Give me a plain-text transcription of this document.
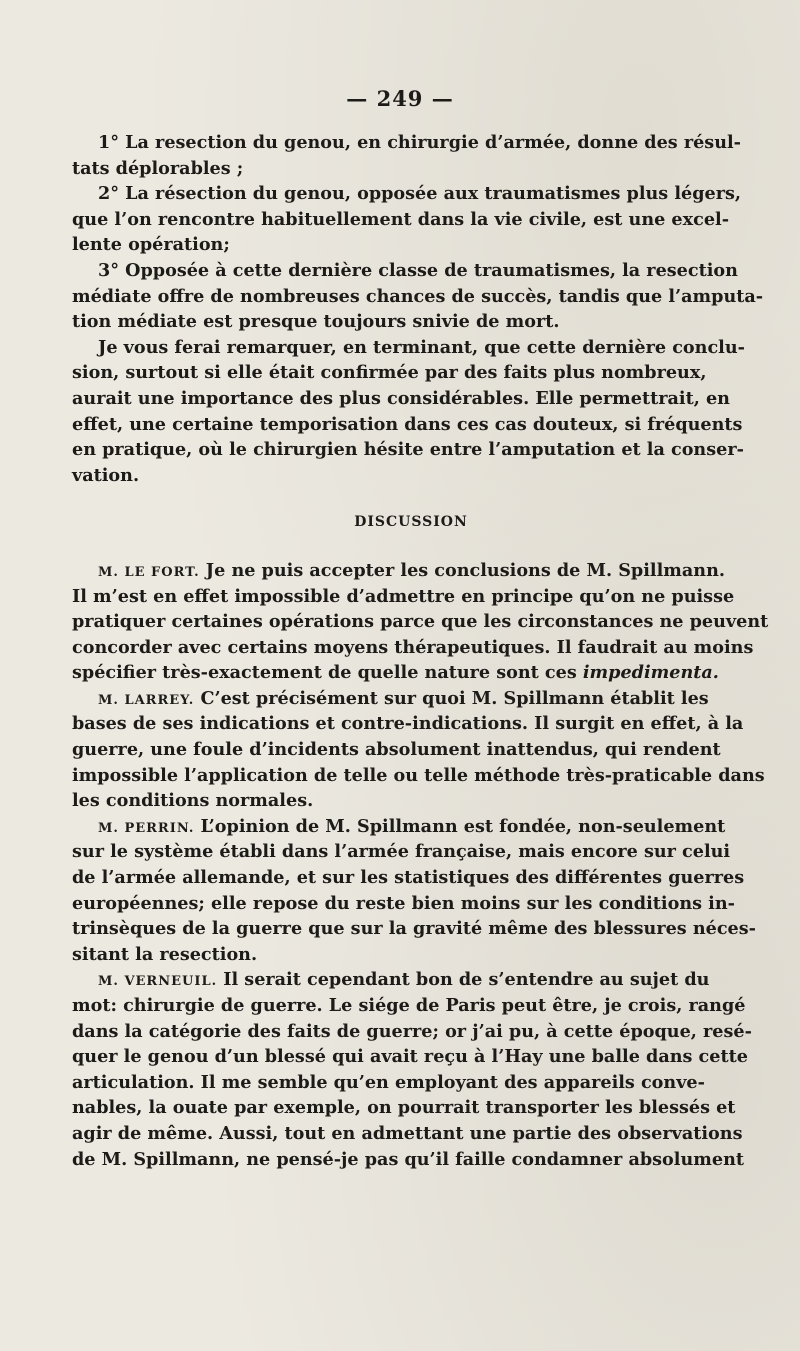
— 249 —
1° La resection du genou, en chirurgie d’armée, donne des résul-
tats déplorables ;
2° La résection du genou, opposée aux traumatismes plus légers,
que l’on rencontre habituellement dans la vie civile, est une excel-
lente opération;
3° Opposée à cette dernière classe de traumatismes, la resection
médiate offre de nombreuses chances de succès, tandis que l’amputa-
tion médiate est presque toujours snivie de mort.
Je vous ferai remarquer, en terminant, que cette dernière conclu-
sion, surtout si elle était confirmée par des faits plus nombreux,
aurait une importance des plus considérables. Elle permettrait, en
effet, une certaine temporisation dans ces cas douteux, si fréquents
en pratique, où le chirurgien hésite entre l’amputation et la conser-
vation.
DISCUSSION
M. LE FORT. Je ne puis accepter les conclusions de M. Spillmann.
Il m’est en effet impossible d’admettre en principe qu’on ne puisse
pratiquer certaines opérations parce que les circonstances ne peuvent
concorder avec certains moyens thérapeutiques. Il faudrait au moins
spécifier très-exactement de quelle nature sont ces impedimenta.
M. LARREY. C’est précisément sur quoi M. Spillmann établit les
bases de ses indications et contre-indications. Il surgit en effet, à la
guerre, une foule d’incidents absolument inattendus, qui rendent
impossible l’application de telle ou telle méthode très-praticable dans
les conditions normales.
M. PERRIN. L’opinion de M. Spillmann est fondée, non-seulement
sur le système établi dans l’armée française, mais encore sur celui
de l’armée allemande, et sur les statistiques des différentes guerres
européennes; elle repose du reste bien moins sur les conditions in-
trinsèques de la guerre que sur la gravité même des blessures néces-
sitant la resection.
M. VERNEUIL. Il serait cependant bon de s’entendre au sujet du
mot: chirurgie de guerre. Le siége de Paris peut être, je crois, rangé
dans la catégorie des faits de guerre; or j’ai pu, à cette époque, resé-
quer le genou d’un blessé qui avait reçu à l’Hay une balle dans cette
articulation. Il me semble qu’en employant des appareils conve-
nables, la ouate par exemple, on pourrait transporter les blessés et
agir de même. Aussi, tout en admettant une partie des observations
de M. Spillmann, ne pensé-je pas qu’il faille condamner absolument
